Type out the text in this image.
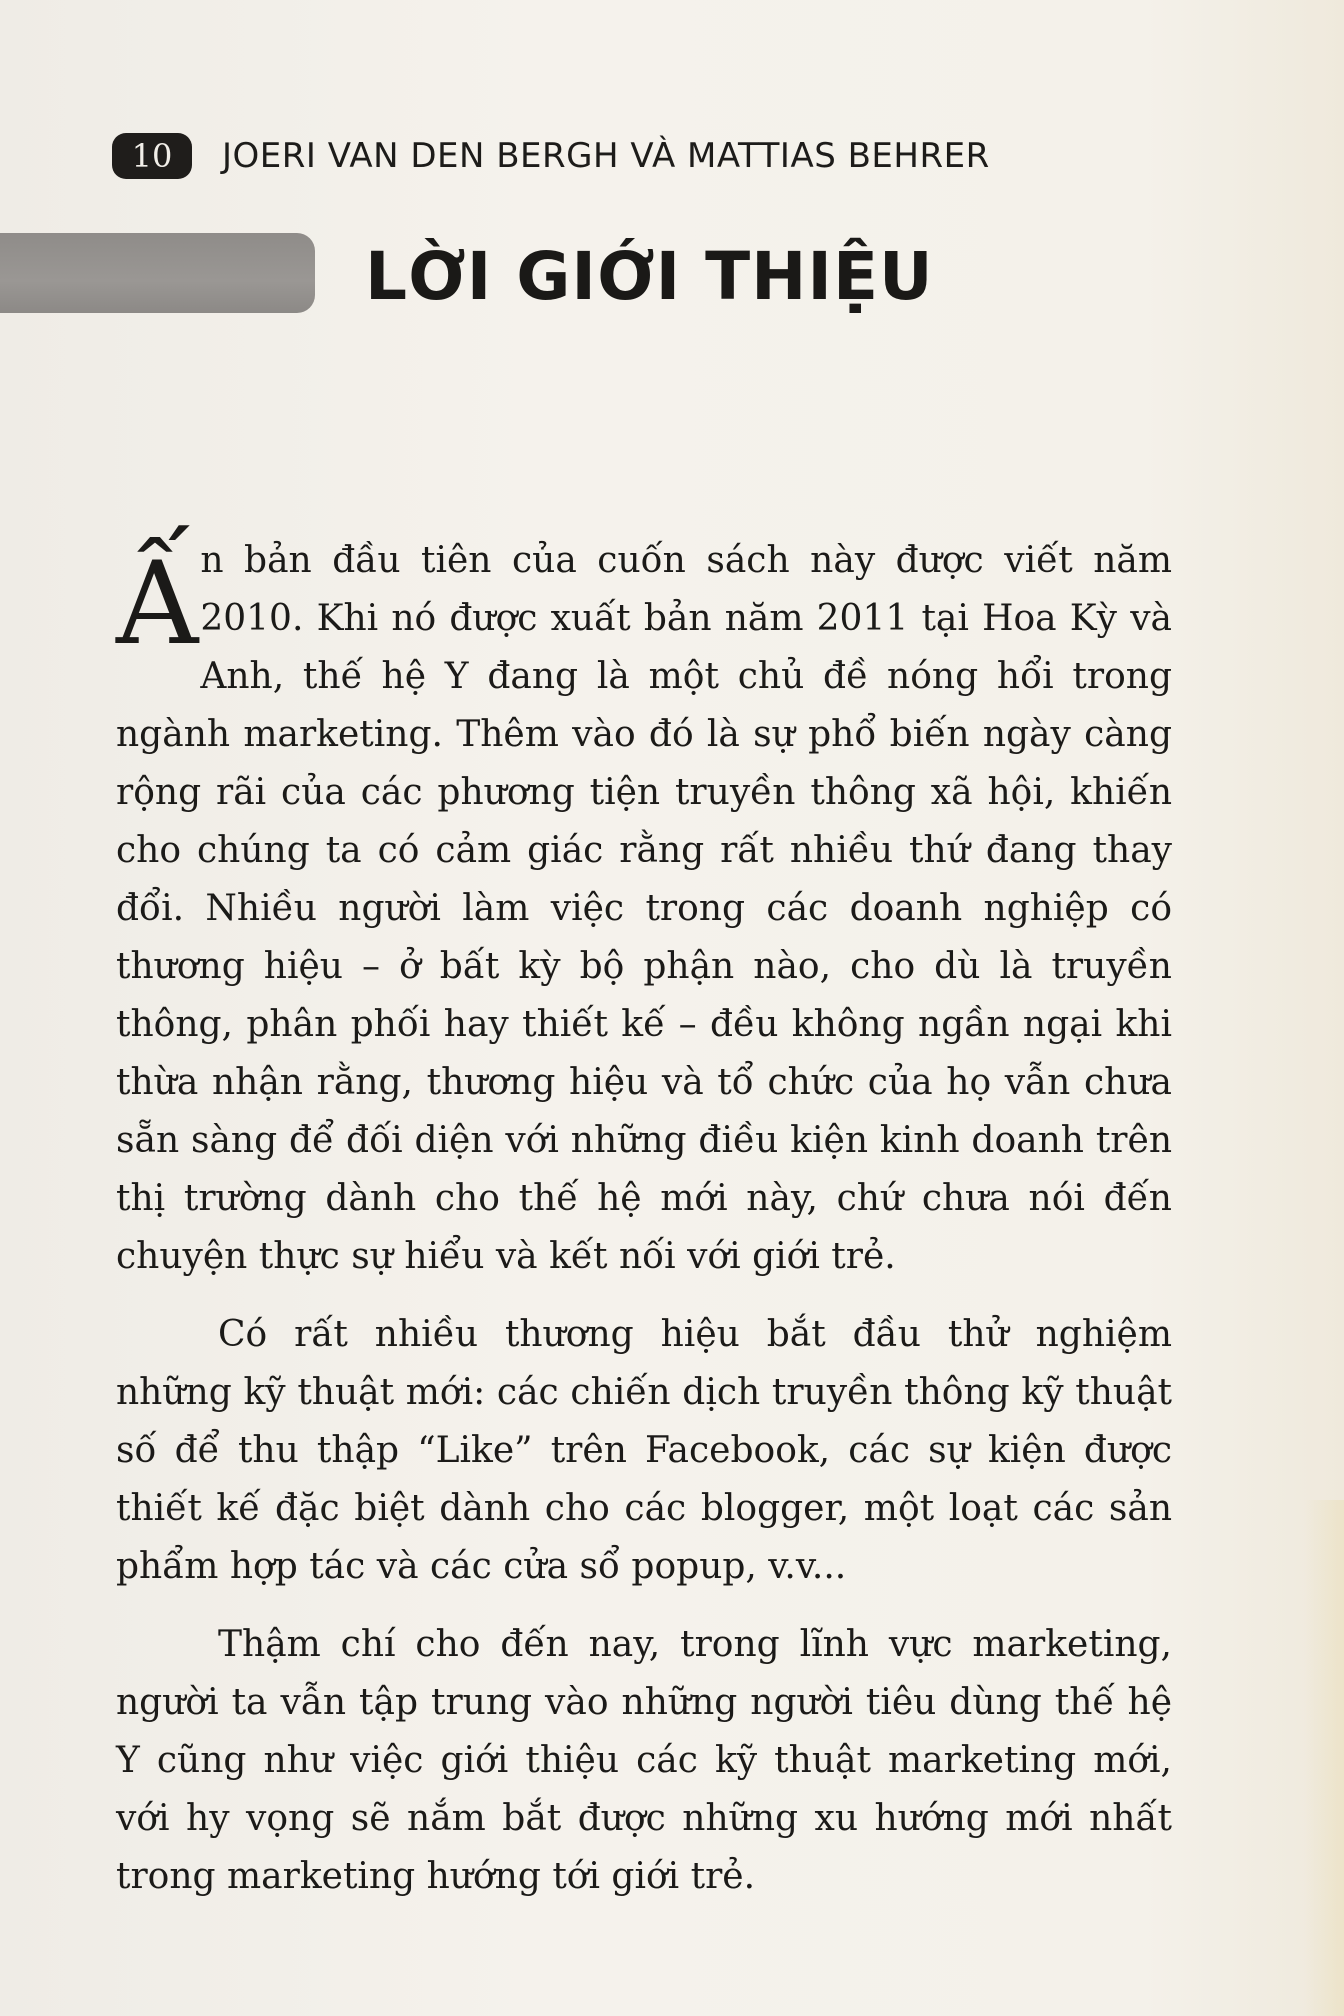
10	JOERI VAN DEN BERGH VÀ MATTIAS BEHRER
LỜI GIỚI THIỆU

Ấn bản đầu tiên của cuốn sách này được viết năm 2010. Khi nó được xuất bản năm 2011 tại Hoa Kỳ và Anh, thế hệ Y đang là một chủ đề nóng hổi trong ngành marketing. Thêm vào đó là sự phổ biến ngày càng rộng rãi của các phương tiện truyền thông xã hội, khiến cho chúng ta có cảm giác rằng rất nhiều thứ đang thay đổi. Nhiều người làm việc trong các doanh nghiệp có thương hiệu – ở bất kỳ bộ phận nào, cho dù là truyền thông, phân phối hay thiết kế – đều không ngần ngại khi thừa nhận rằng, thương hiệu và tổ chức của họ vẫn chưa sẵn sàng để đối diện với những điều kiện kinh doanh trên thị trường dành cho thế hệ mới này, chứ chưa nói đến chuyện thực sự hiểu và kết nối với giới trẻ.

Có rất nhiều thương hiệu bắt đầu thử nghiệm những kỹ thuật mới: các chiến dịch truyền thông kỹ thuật số để thu thập “Like” trên Facebook, các sự kiện được thiết kế đặc biệt dành cho các blogger, một loạt các sản phẩm hợp tác và các cửa sổ popup, v.v...

Thậm chí cho đến nay, trong lĩnh vực marketing, người ta vẫn tập trung vào những người tiêu dùng thế hệ Y cũng như việc giới thiệu các kỹ thuật marketing mới, với hy vọng sẽ nắm bắt được những xu hướng mới nhất trong marketing hướng tới giới trẻ.
